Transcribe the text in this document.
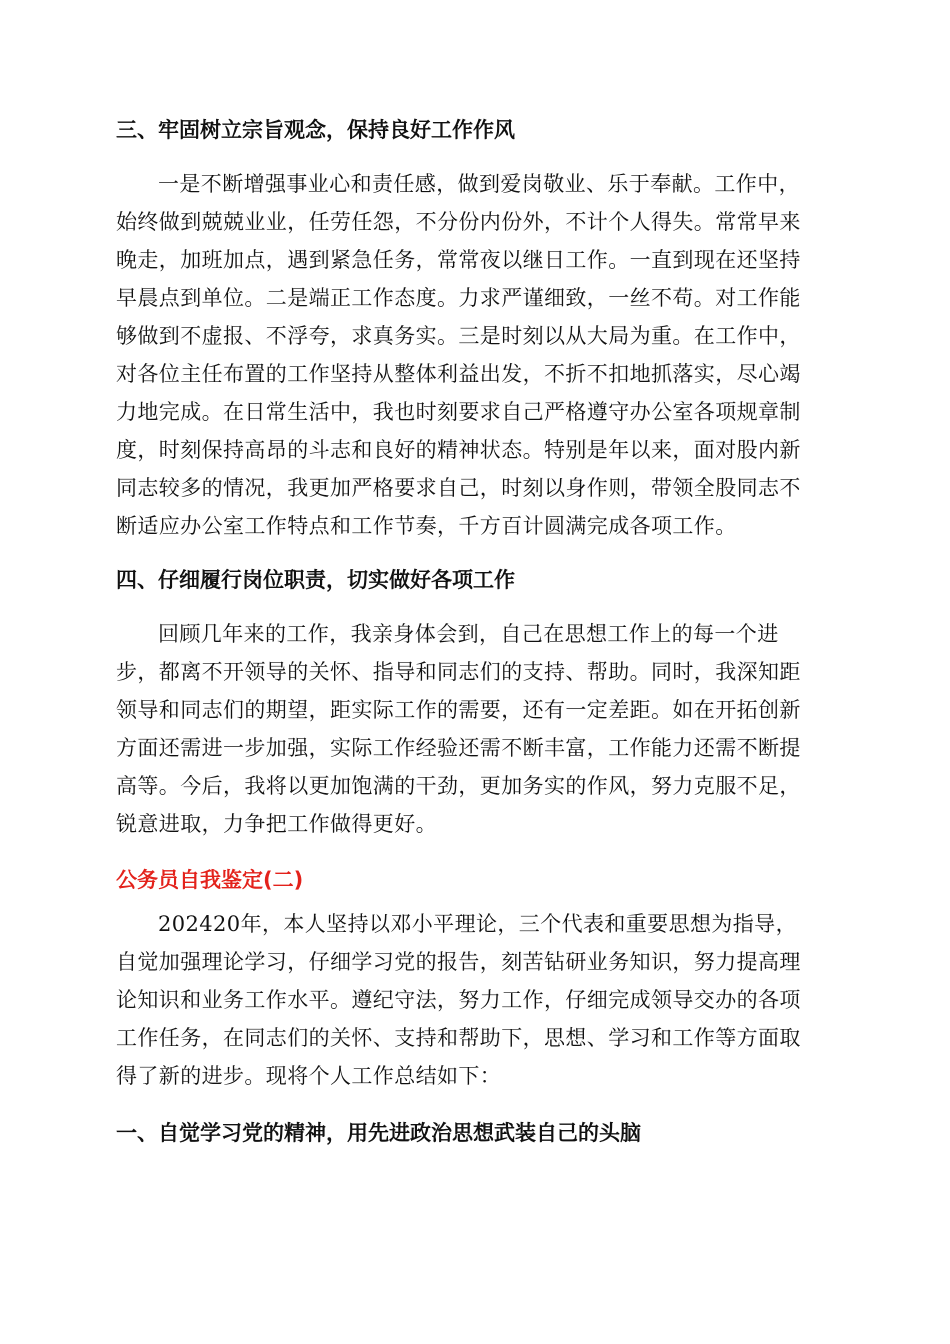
三、牢固树立宗旨观念，保持良好工作作风
一是不断增强事业心和责任感，做到爱岗敬业、乐于奉献。工作中，
始终做到兢兢业业，任劳任怨，不分份内份外，不计个人得失。常常早来
晚走，加班加点，遇到紧急任务，常常夜以继日工作。一直到现在还坚持
早晨点到单位。二是端正工作态度。力求严谨细致，一丝不苟。对工作能
够做到不虚报、不浮夸，求真务实。三是时刻以从大局为重。在工作中，
对各位主任布置的工作坚持从整体利益出发，不折不扣地抓落实，尽心竭
力地完成。在日常生活中，我也时刻要求自己严格遵守办公室各项规章制
度，时刻保持高昂的斗志和良好的精神状态。特别是年以来，面对股内新
同志较多的情况，我更加严格要求自己，时刻以身作则，带领全股同志不
断适应办公室工作特点和工作节奏，千方百计圆满完成各项工作。
四、仔细履行岗位职责，切实做好各项工作
回顾几年来的工作，我亲身体会到，自己在思想工作上的每一个进
步，都离不开领导的关怀、指导和同志们的支持、帮助。同时，我深知距
领导和同志们的期望，距实际工作的需要，还有一定差距。如在开拓创新
方面还需进一步加强，实际工作经验还需不断丰富，工作能力还需不断提
高等。今后，我将以更加饱满的干劲，更加务实的作风，努力克服不足，
锐意进取，力争把工作做得更好。
公务员自我鉴定(二)
202420年，本人坚持以邓小平理论，三个代表和重要思想为指导，
自觉加强理论学习，仔细学习党的报告，刻苦钻研业务知识，努力提高理
论知识和业务工作水平。遵纪守法，努力工作，仔细完成领导交办的各项
工作任务，在同志们的关怀、支持和帮助下，思想、学习和工作等方面取
得了新的进步。现将个人工作总结如下：
一、自觉学习党的精神，用先进政治思想武装自己的头脑
